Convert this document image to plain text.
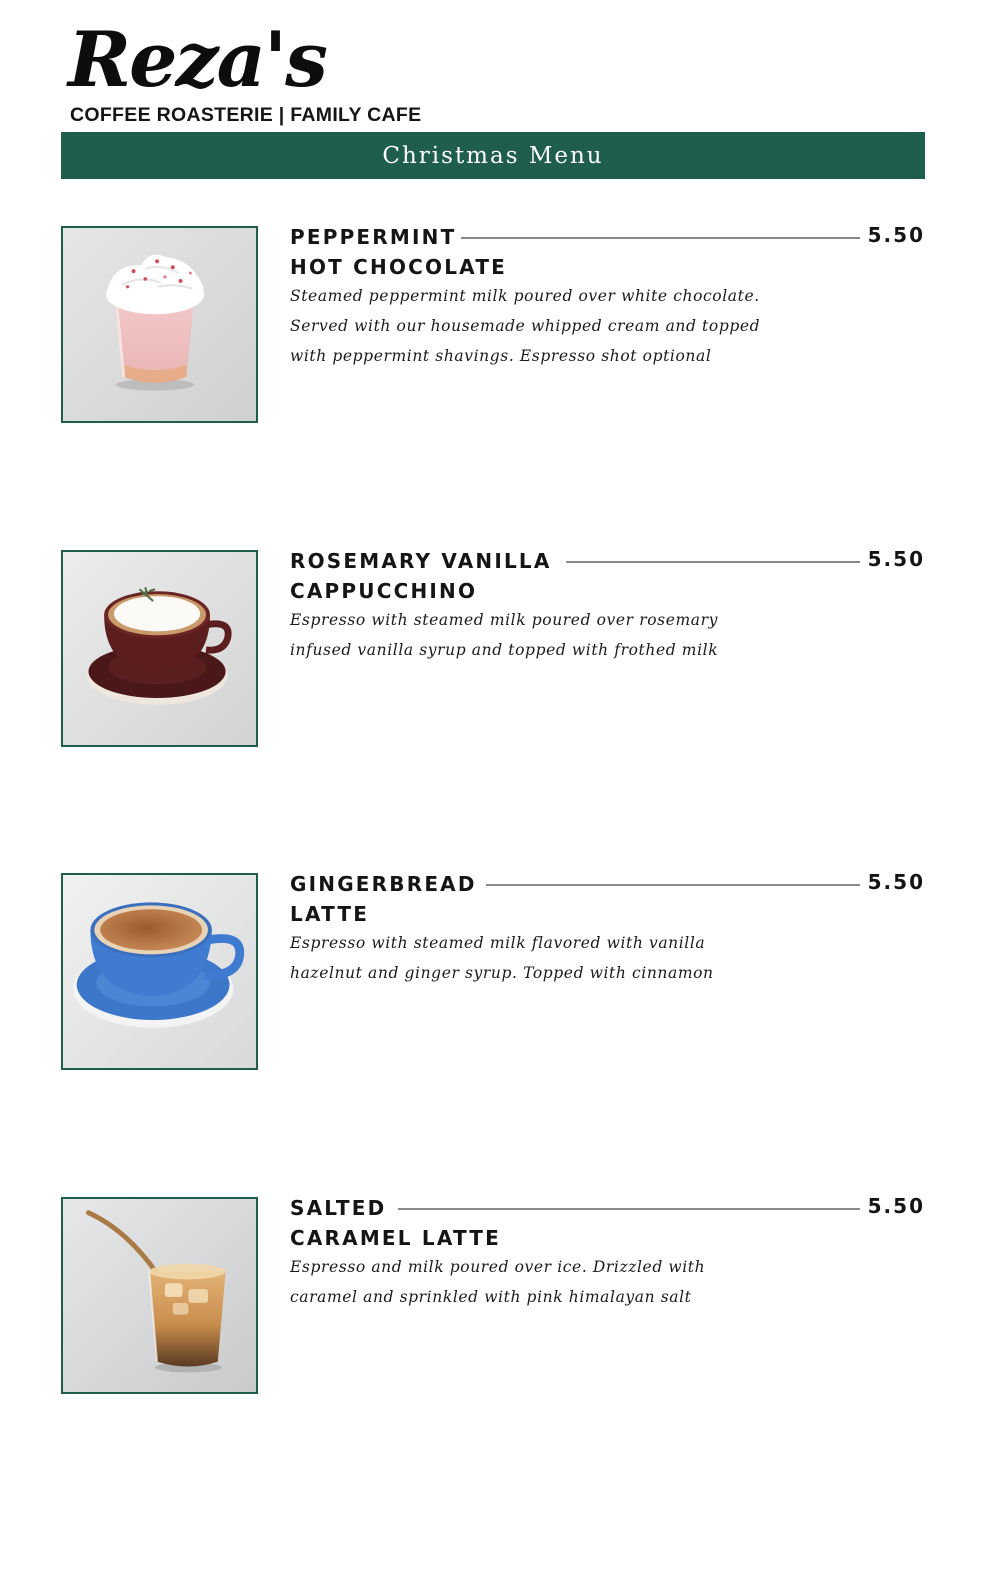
Reza's
COFFEE ROASTERIE | FAMILY CAFE
Christmas Menu
PEPPERMINT
HOT CHOCOLATE
5.50
Steamed peppermint milk poured over white chocolate.
Served with our housemade whipped cream and topped
with peppermint shavings. Espresso shot optional
ROSEMARY VANILLA
CAPPUCCHINO
5.50
Espresso with steamed milk poured over rosemary
infused vanilla syrup and topped with frothed milk
GINGERBREAD
LATTE
5.50
Espresso with steamed milk flavored with vanilla
hazelnut and ginger syrup. Topped with cinnamon
SALTED
CARAMEL LATTE
5.50
Espresso and milk poured over ice. Drizzled with
caramel and sprinkled with pink himalayan salt
